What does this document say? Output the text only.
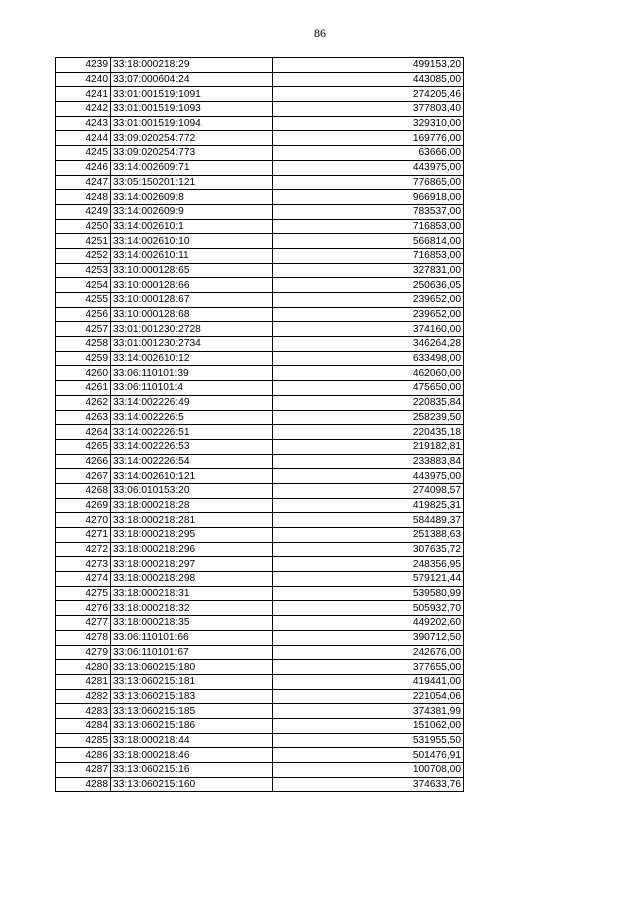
86
4239	33:18:000218:29	499153,20
4240	33:07:000604:24	443085,00
4241	33:01:001519:1091	274205,46
4242	33:01:001519:1093	377803,40
4243	33:01:001519:1094	329310,00
4244	33:09:020254:772	169776,00
4245	33:09:020254:773	63666,00
4246	33:14:002609:71	443975,00
4247	33:05:150201:121	776865,00
4248	33:14:002609:8	966918,00
4249	33:14:002609:9	783537,00
4250	33:14:002610:1	716853,00
4251	33:14:002610:10	566814,00
4252	33:14:002610:11	716853,00
4253	33:10:000128:65	327831,00
4254	33:10:000128:66	250636,05
4255	33:10:000128:67	239652,00
4256	33:10:000128:68	239652,00
4257	33:01:001230:2728	374160,00
4258	33:01:001230:2734	346264,28
4259	33:14:002610:12	633498,00
4260	33:06:110101:39	462060,00
4261	33:06:110101:4	475650,00
4262	33:14:002226:49	220835,84
4263	33:14:002226:5	258239,50
4264	33:14:002226:51	220435,18
4265	33:14:002226:53	219182,81
4266	33:14:002226:54	233883,84
4267	33:14:002610:121	443975,00
4268	33:06:010153:20	274098,57
4269	33:18:000218:28	419825,31
4270	33:18:000218:281	584489,37
4271	33:18:000218:295	251388,63
4272	33:18:000218:296	307635,72
4273	33:18:000218:297	248356,95
4274	33:18:000218:298	579121,44
4275	33:18:000218:31	539580,99
4276	33:18:000218:32	505932,70
4277	33:18:000218:35	449202,60
4278	33:06:110101:66	390712,50
4279	33:06:110101:67	242676,00
4280	33:13:060215:180	377655,00
4281	33:13:060215:181	419441,00
4282	33:13:060215:183	221054,06
4283	33:13:060215:185	374381,99
4284	33:13:060215:186	151062,00
4285	33:18:000218:44	531955,50
4286	33:18:000218:46	501476,91
4287	33:13:060215:16	100708,00
4288	33:13:060215:160	374633,76
